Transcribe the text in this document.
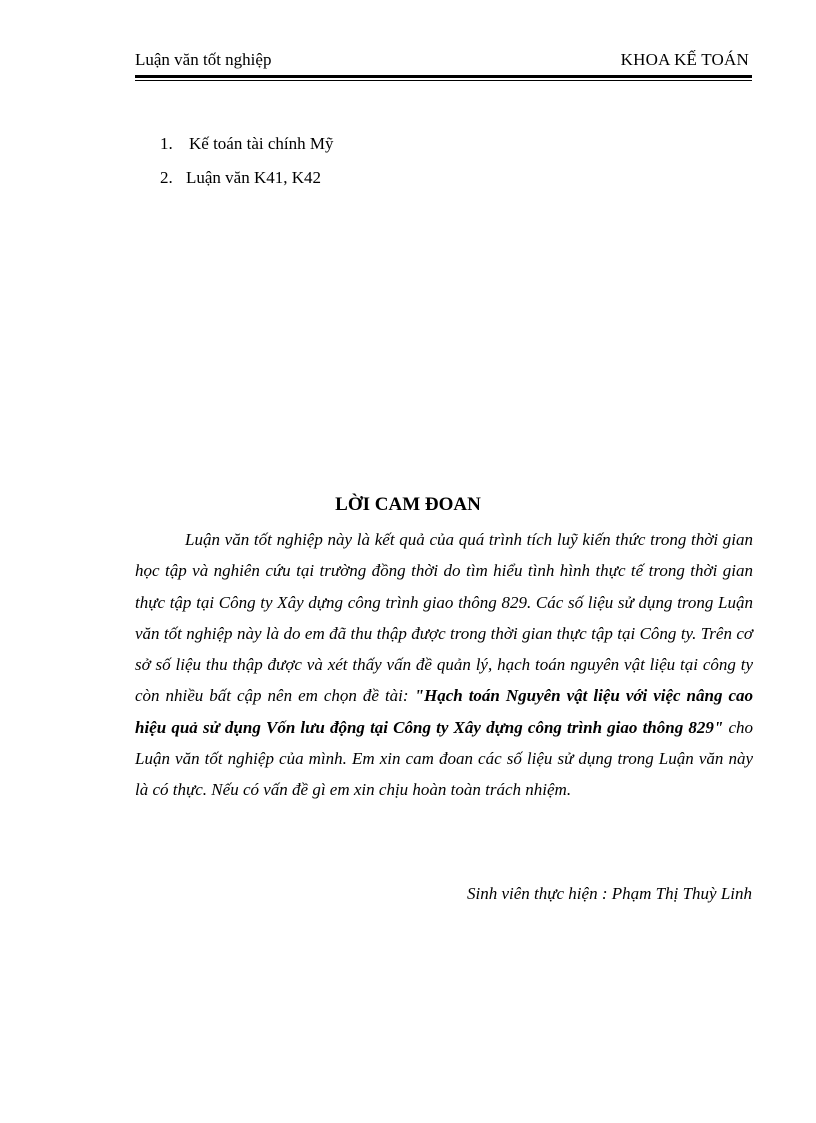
Luận văn tốt nghiệp	KHOA KẾ TOÁN
1. Kế toán tài chính Mỹ
2. Luận văn K41, K42
LỜI CAM ĐOAN

Luận văn tốt nghiệp này là kết quả của quá trình tích luỹ kiến thức trong thời gian học tập và nghiên cứu tại trường đồng thời do tìm hiểu tình hình thực tế trong thời gian thực tập tại Công ty Xây dựng công trình giao thông 829. Các số liệu sử dụng trong Luận văn tốt nghiệp này là do em đã thu thập được trong thời gian thực tập tại Công ty. Trên cơ sở số liệu thu thập được và xét thấy vấn đề quản lý, hạch toán nguyên vật liệu tại công ty còn nhiều bất cập nên em chọn đề tài: "Hạch toán Nguyên vật liệu với việc nâng cao hiệu quả sử dụng Vốn lưu động tại Công ty Xây dựng công trình giao thông 829" cho Luận văn tốt nghiệp của mình. Em xin cam đoan các số liệu sử dụng trong Luận văn này là có thực. Nếu có vấn đề gì em xin chịu hoàn toàn trách nhiệm.

Sinh viên thực hiện : Phạm Thị Thuỳ Linh
